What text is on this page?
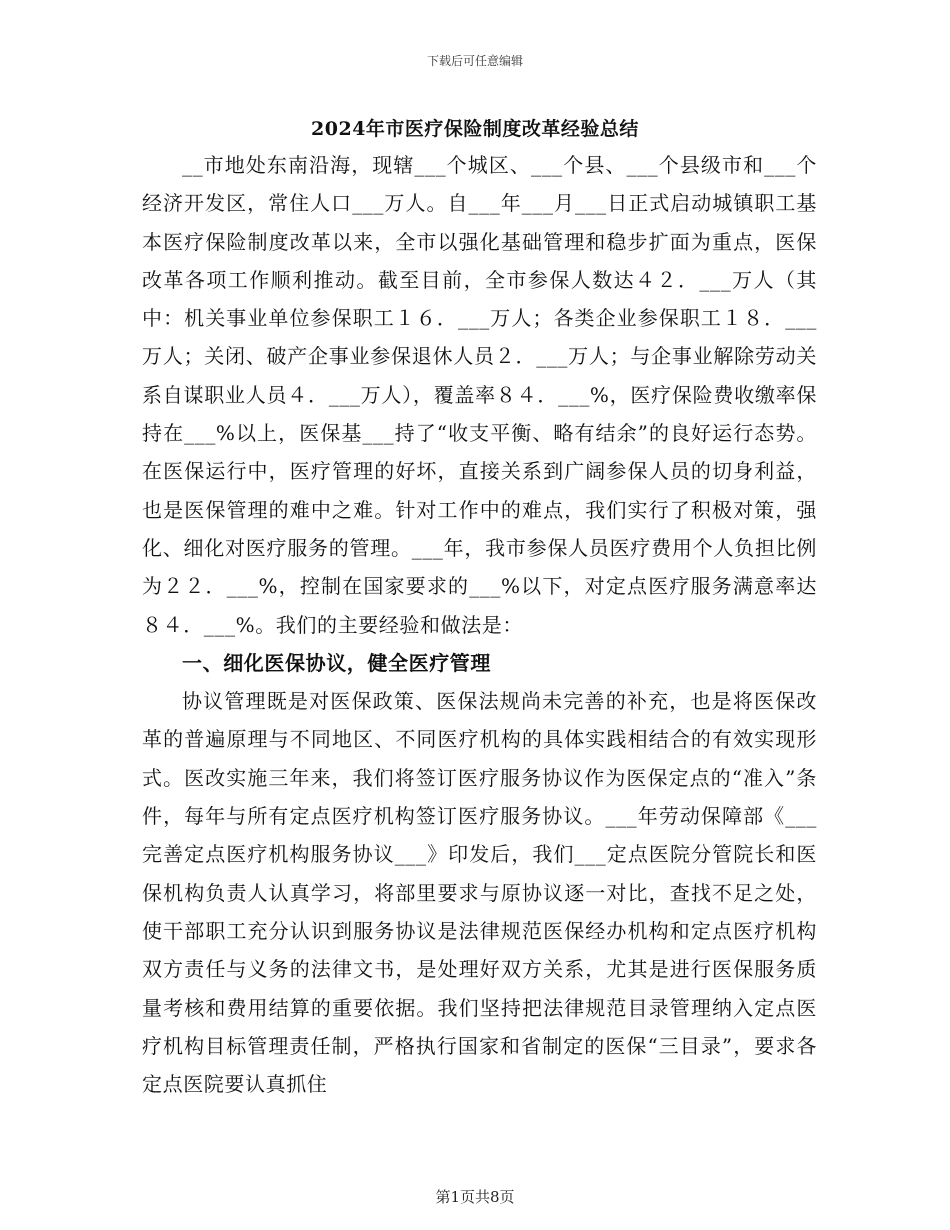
下载后可任意编辑
2024年市医疗保险制度改革经验总结

__市地处东南沿海，现辖___个城区、___个县、___个县级市和___个经济开发区，常住人口___万人。自___年___月___日正式启动城镇职工基本医疗保险制度改革以来，全市以强化基础管理和稳步扩面为重点，医保改革各项工作顺利推动。截至目前，全市参保人数达４２．___万人（其中：机关事业单位参保职工１６．___万人；各类企业参保职工１８．___万人；关闭、破产企事业参保退休人员２．___万人；与企事业解除劳动关系自谋职业人员４．___万人），覆盖率８４．___%，医疗保险费收缴率保持在___%以上，医保基___持了“收支平衡、略有结余”的良好运行态势。在医保运行中，医疗管理的好坏，直接关系到广阔参保人员的切身利益，也是医保管理的难中之难。针对工作中的难点，我们实行了积极对策，强化、细化对医疗服务的管理。___年，我市参保人员医疗费用个人负担比例为２２．___%，控制在国家要求的___%以下，对定点医疗服务满意率达８４．___%。我们的主要经验和做法是：

一、细化医保协议，健全医疗管理

协议管理既是对医保政策、医保法规尚未完善的补充，也是将医保改革的普遍原理与不同地区、不同医疗机构的具体实践相结合的有效实现形式。医改实施三年来，我们将签订医疗服务协议作为医保定点的“准入”条件，每年与所有定点医疗机构签订医疗服务协议。___年劳动保障部《___完善定点医疗机构服务协议___》印发后，我们___定点医院分管院长和医保机构负责人认真学习，将部里要求与原协议逐一对比，查找不足之处，使干部职工充分认识到服务协议是法律规范医保经办机构和定点医疗机构双方责任与义务的法律文书，是处理好双方关系，尤其是进行医保服务质量考核和费用结算的重要依据。我们坚持把法律规范目录管理纳入定点医疗机构目标管理责任制，严格执行国家和省制定的医保“三目录”，要求各定点医院要认真抓住

第1页共8页
